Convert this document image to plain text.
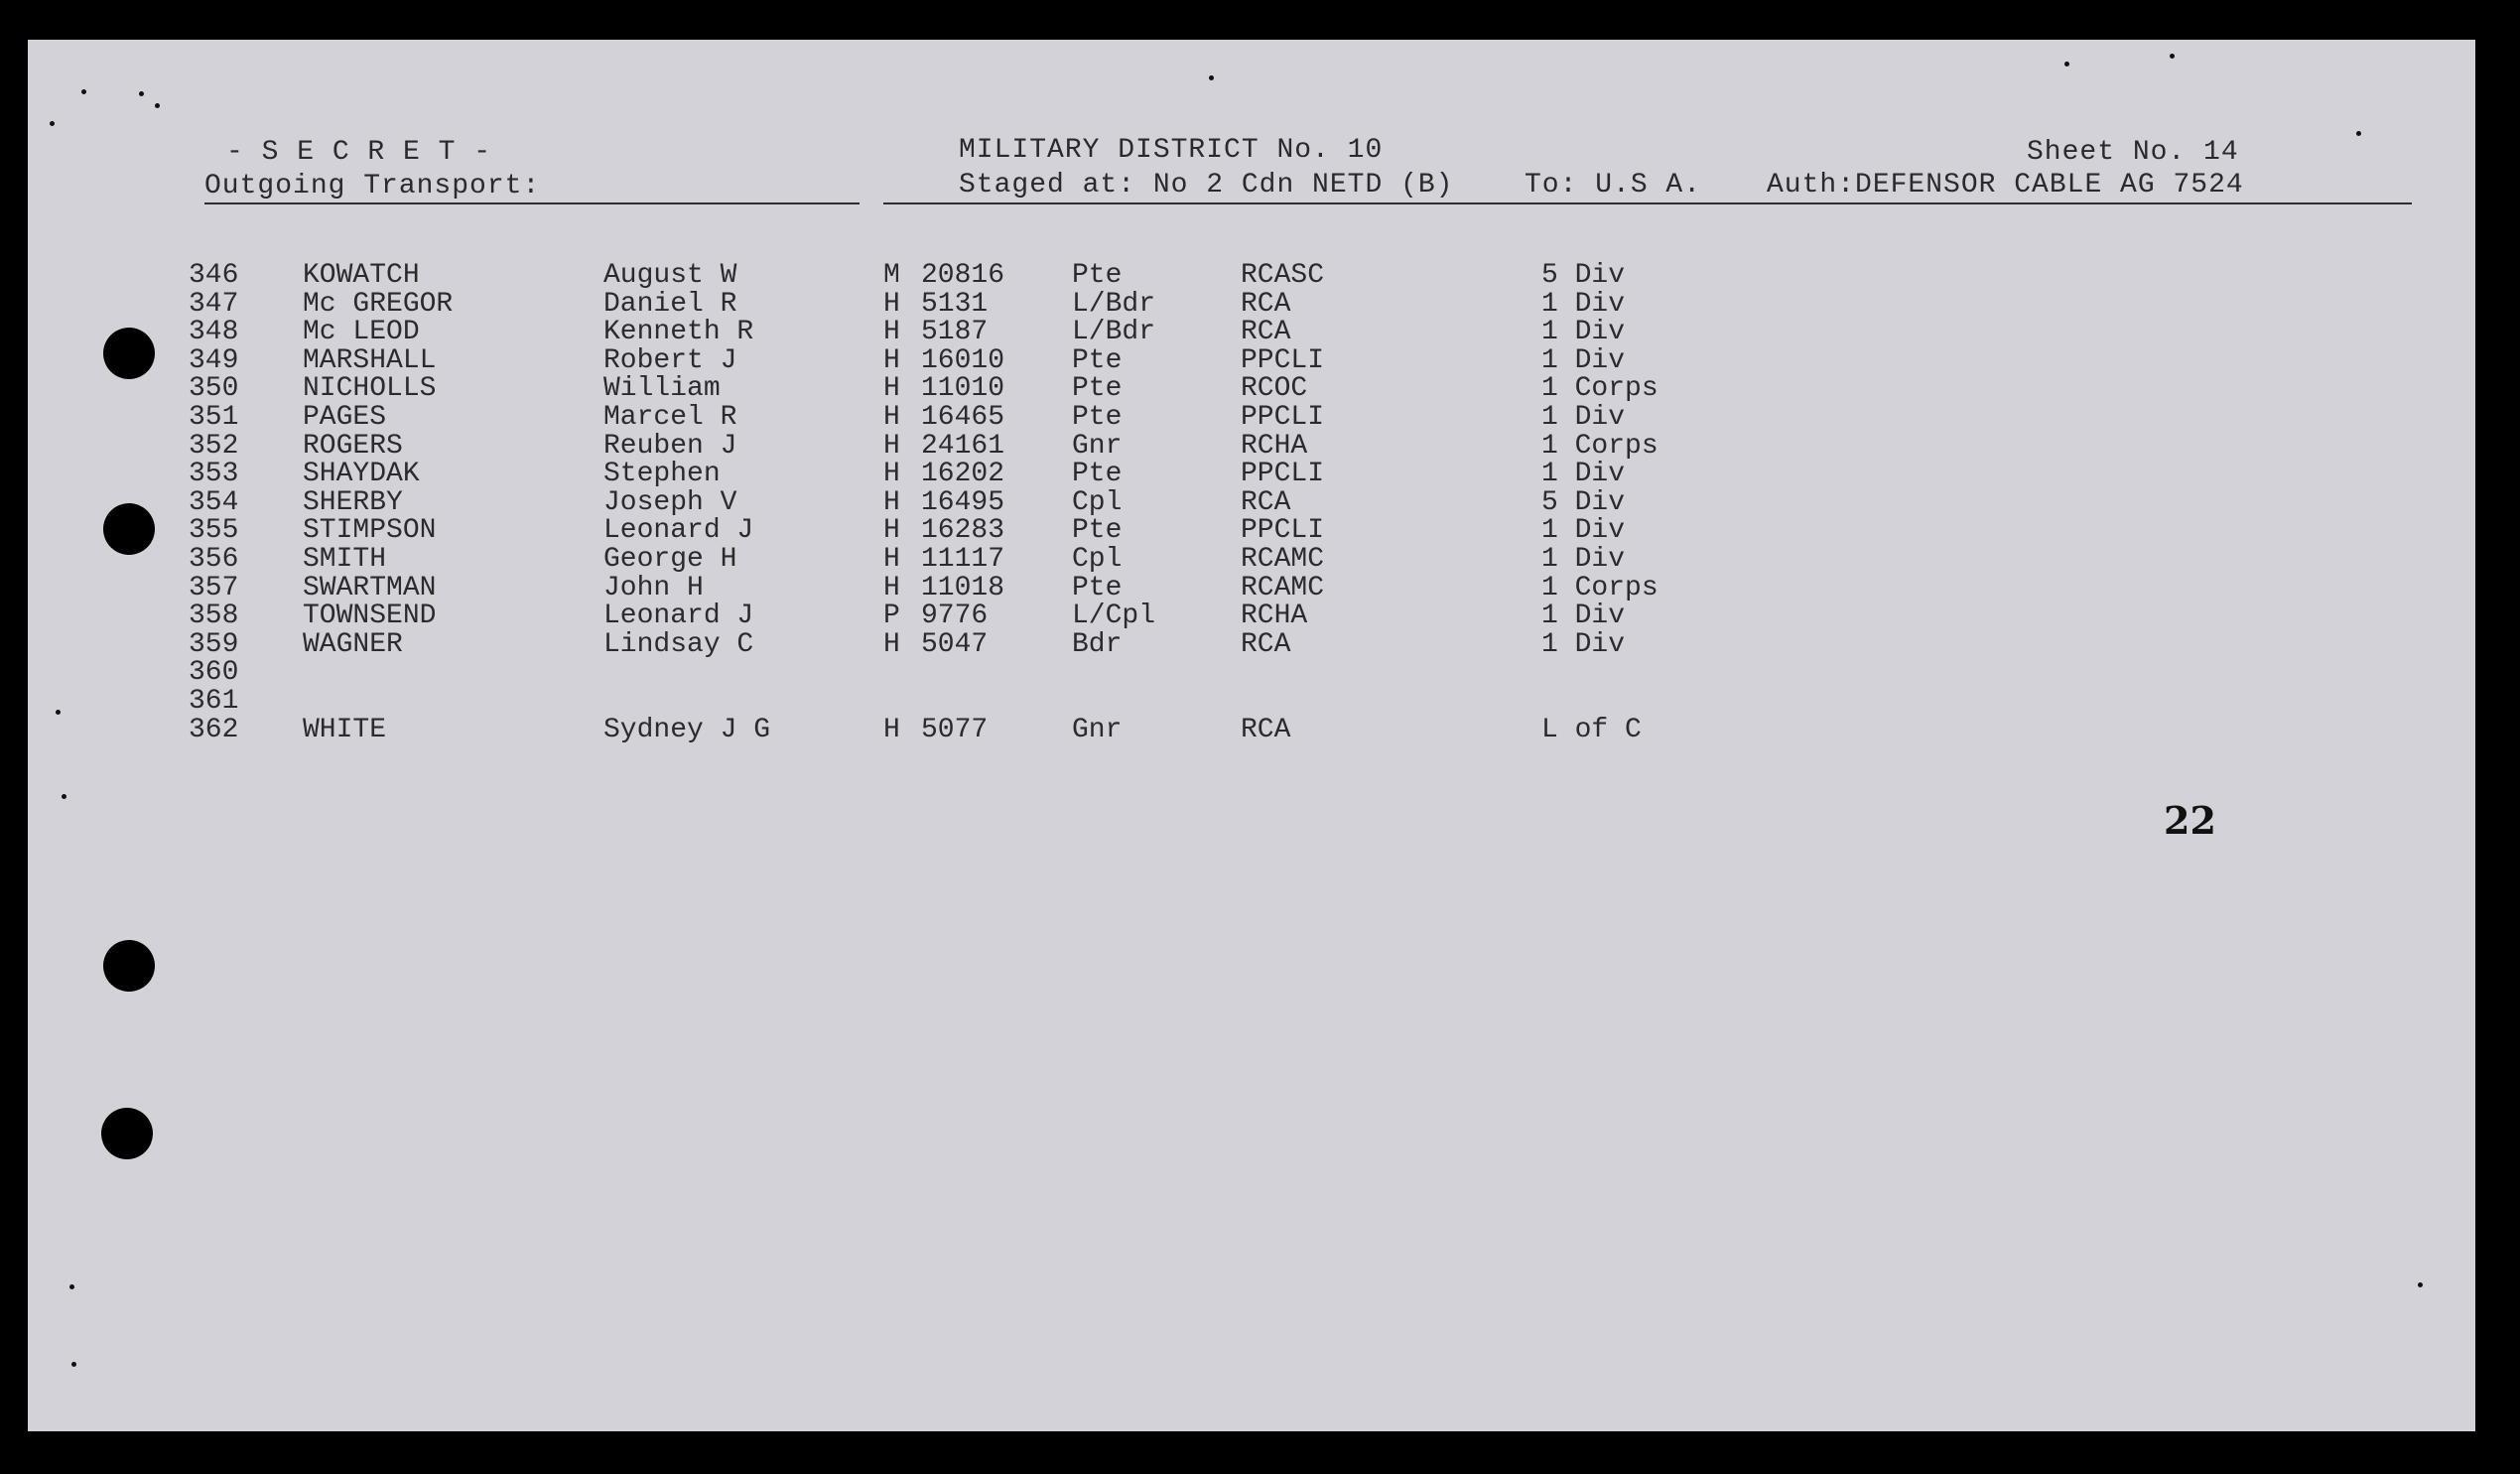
- S E C R E T -
Outgoing Transport:
MILITARY DISTRICT No. 10
Staged at: No 2 Cdn NETD (B)	To: U.S A.
Sheet No. 14
Auth:DEFENSOR CABLE AG 7524
346 KOWATCH	August W	M 20816 Pte	RCASC	5 Div
347 Mc GREGOR	Daniel R	H 5131	L/Bdr	RCA	1 Div
348 Mc LEOD	Kenneth R	H 5187	L/Bdr	RCA	1 Div
349 MARSHALL	Robert J	H 16010 Pte	PPCLI	1 Div
350 NICHOLLS	William	H 11010 Pte	RCOC	1 Corps
351 PAGES	Marcel R	H 16465 Pte	PPCLI	1 Div
352 ROGERS	Reuben J	H 24161 Gnr	RCHA	1 Corps
353 SHAYDAK	Stephen	H 16202 Pte	PPCLI	1 Div
354 SHERBY	Joseph V	H 16495 Cpl	RCA	5 Div
355 STIMPSON	Leonard J	H 16283 Pte	PPCLI	1 Div
356 SMITH	George H	H 11117 Cpl	RCAMC	1 Div
357 SWARTMAN	John H	H 11018 Pte	RCAMC	1 Corps
358 TOWNSEND	Leonard J	P 9776	L/Cpl	RCHA	1 Div
359 WAGNER	Lindsay C	H 5047	Bdr	RCA	1 Div
360
361
362 WHITE	Sydney J G	H 5077	Gnr	RCA	L of C
22
